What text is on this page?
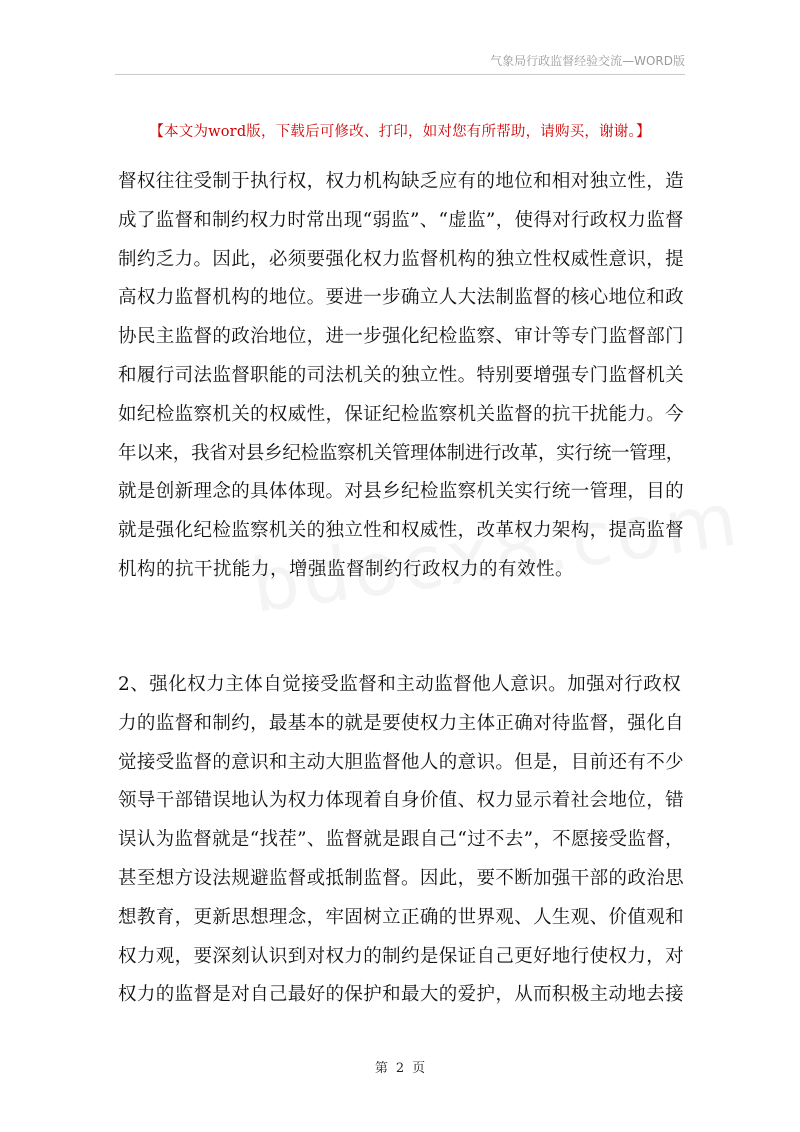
气象局行政监督经验交流—WORD版
【本文为word版，下载后可修改、打印，如对您有所帮助，请购买，谢谢。】
督权往往受制于执行权，权力机构缺乏应有的地位和相对独立性，造
成了监督和制约权力时常出现“弱监”、“虚监”，使得对行政权力监督
制约乏力。因此，必须要强化权力监督机构的独立性权威性意识，提
高权力监督机构的地位。要进一步确立人大法制监督的核心地位和政
协民主监督的政治地位，进一步强化纪检监察、审计等专门监督部门
和履行司法监督职能的司法机关的独立性。特别要增强专门监督机关
如纪检监察机关的权威性，保证纪检监察机关监督的抗干扰能力。今
年以来，我省对县乡纪检监察机关管理体制进行改革，实行统一管理，
就是创新理念的具体体现。对县乡纪检监察机关实行统一管理，目的
就是强化纪检监察机关的独立性和权威性，改革权力架构，提高监督
机构的抗干扰能力，增强监督制约行政权力的有效性。
2、强化权力主体自觉接受监督和主动监督他人意识。加强对行政权
力的监督和制约，最基本的就是要使权力主体正确对待监督，强化自
觉接受监督的意识和主动大胆监督他人的意识。但是，目前还有不少
领导干部错误地认为权力体现着自身价值、权力显示着社会地位，错
误认为监督就是“找茬”、监督就是跟自己“过不去”，不愿接受监督，
甚至想方设法规避监督或抵制监督。因此，要不断加强干部的政治思
想教育，更新思想理念，牢固树立正确的世界观、人生观、价值观和
权力观，要深刻认识到对权力的制约是保证自己更好地行使权力，对
权力的监督是对自己最好的保护和最大的爱护，从而积极主动地去接
第 2 页
